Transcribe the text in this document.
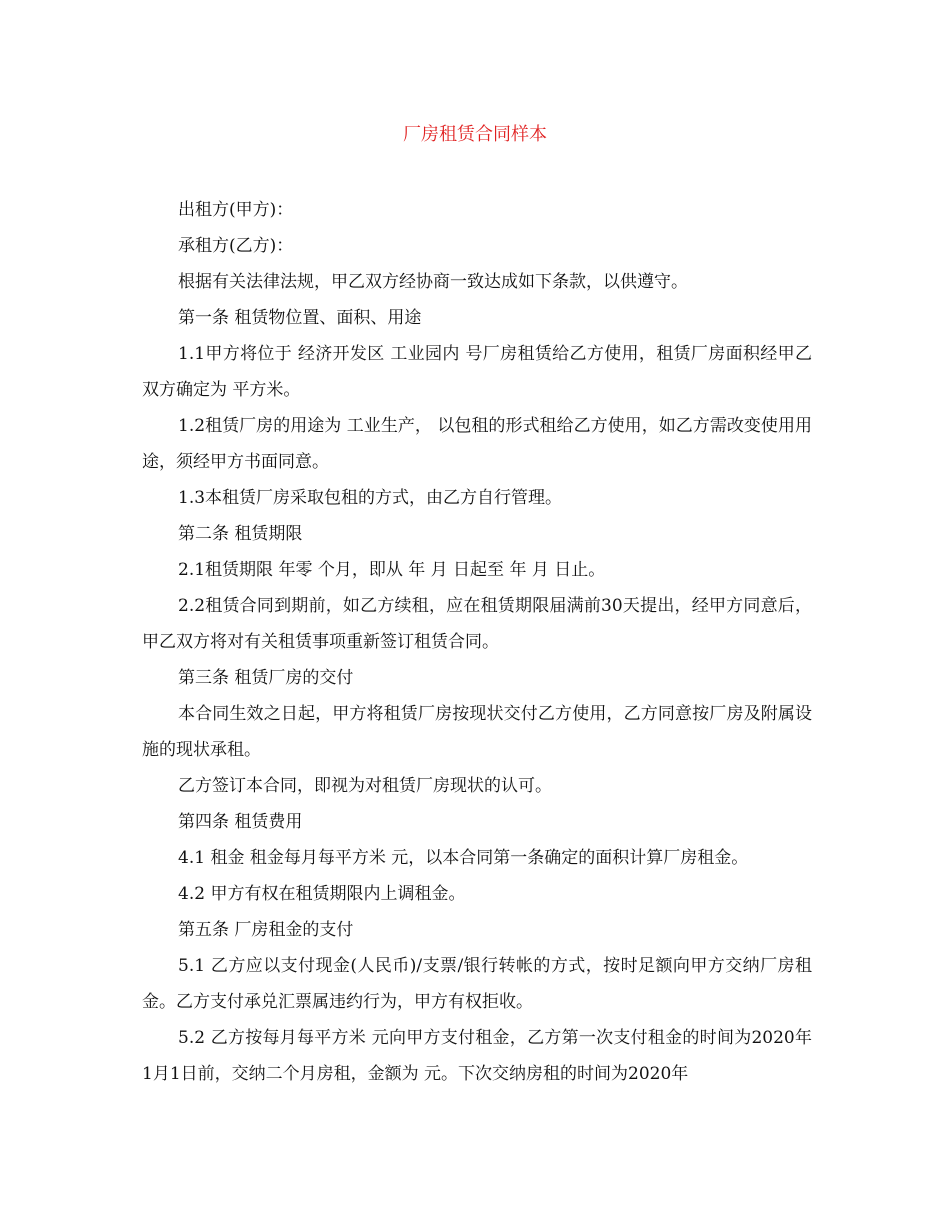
厂房租赁合同样本

出租方(甲方)：

承租方(乙方)：

根据有关法律法规，甲乙双方经协商一致达成如下条款，以供遵守。

第一条 租赁物位置、面积、用途

1.1甲方将位于 经济开发区 工业园内 号厂房租赁给乙方使用，租赁厂房面积经甲乙双方确定为 平方米。

1.2租赁厂房的用途为 工业生产， 以包租的形式租给乙方使用，如乙方需改变使用用途，须经甲方书面同意。

1.3本租赁厂房采取包租的方式，由乙方自行管理。

第二条 租赁期限

2.1租赁期限 年零 个月，即从 年 月 日起至 年 月 日止。

2.2租赁合同到期前，如乙方续租，应在租赁期限届满前30天提出，经甲方同意后，甲乙双方将对有关租赁事项重新签订租赁合同。

第三条 租赁厂房的交付

本合同生效之日起，甲方将租赁厂房按现状交付乙方使用，乙方同意按厂房及附属设施的现状承租。

乙方签订本合同，即视为对租赁厂房现状的认可。

第四条 租赁费用

4.1 租金 租金每月每平方米 元，以本合同第一条确定的面积计算厂房租金。

4.2 甲方有权在租赁期限内上调租金。

第五条 厂房租金的支付

5.1 乙方应以支付现金(人民币)/支票/银行转帐的方式，按时足额向甲方交纳厂房租金。乙方支付承兑汇票属违约行为，甲方有权拒收。

5.2 乙方按每月每平方米 元向甲方支付租金，乙方第一次支付租金的时间为2020年1月1日前，交纳二个月房租，金额为 元。下次交纳房租的时间为2020年
